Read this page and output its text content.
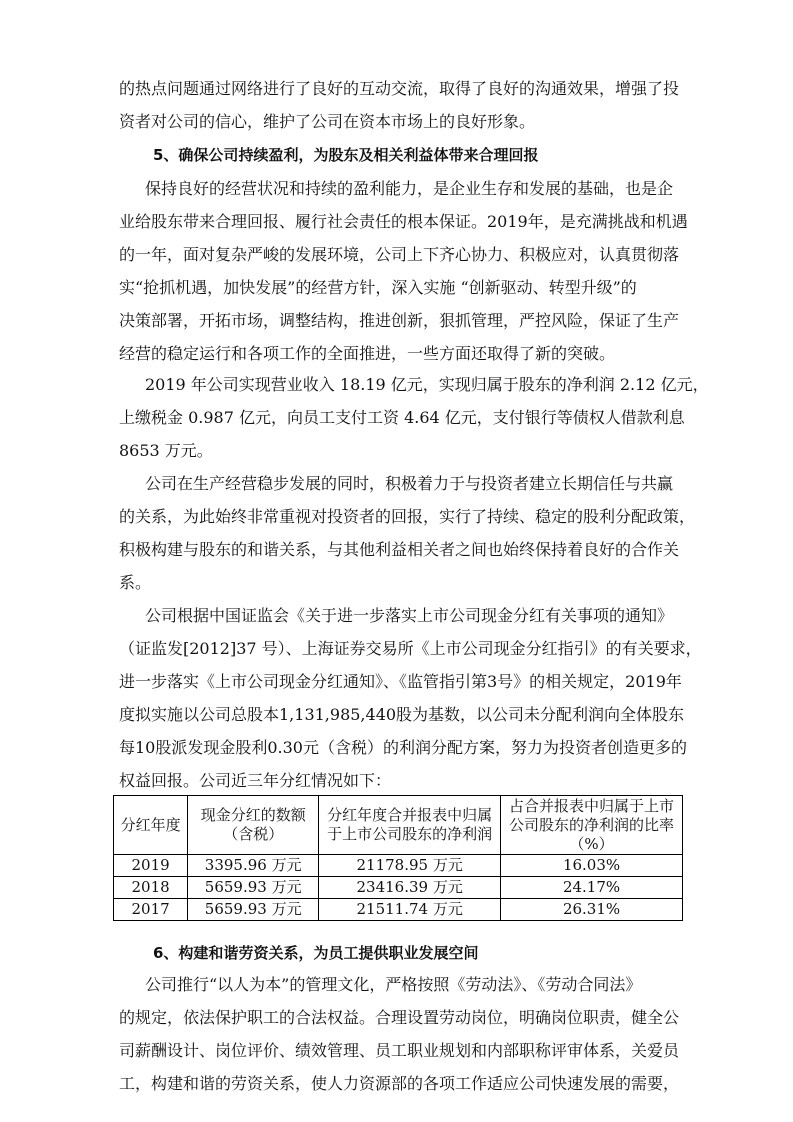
的热点问题通过网络进行了良好的互动交流，取得了良好的沟通效果，增强了投

资者对公司的信心，维护了公司在资本市场上的良好形象。

5、确保公司持续盈利，为股东及相关利益体带来合理回报

保持良好的经营状况和持续的盈利能力，是企业生存和发展的基础，也是企

业给股东带来合理回报、履行社会责任的根本保证。2019年，是充满挑战和机遇

的一年，面对复杂严峻的发展环境，公司上下齐心协力、积极应对，认真贯彻落

实“抢抓机遇，加快发展”的经营方针，深入实施 “创新驱动、转型升级”的

决策部署，开拓市场，调整结构，推进创新，狠抓管理，严控风险，保证了生产

经营的稳定运行和各项工作的全面推进，一些方面还取得了新的突破。

2019 年公司实现营业收入 18.19 亿元，实现归属于股东的净利润 2.12 亿元，

上缴税金 0.987 亿元，向员工支付工资 4.64 亿元，支付银行等债权人借款利息

8653 万元。

公司在生产经营稳步发展的同时，积极着力于与投资者建立长期信任与共赢

的关系，为此始终非常重视对投资者的回报，实行了持续、稳定的股利分配政策，

积极构建与股东的和谐关系，与其他利益相关者之间也始终保持着良好的合作关

系。

公司根据中国证监会《关于进一步落实上市公司现金分红有关事项的通知》

（证监发[2012]37 号）、上海证券交易所《上市公司现金分红指引》的有关要求，

进一步落实《上市公司现金分红通知》、《监管指引第3号》的相关规定，2019年

度拟实施以公司总股本1,131,985,440股为基数，以公司未分配利润向全体股东

每10股派发现金股利0.30元（含税）的利润分配方案，努力为投资者创造更多的

权益回报。公司近三年分红情况如下：

分红年度	现金分红的数额（含税）	分红年度合并报表中归属于上市公司股东的净利润	占合并报表中归属于上市公司股东的净利润的比率（%）
2019	3395.96 万元	21178.95 万元	16.03%
2018	5659.93 万元	23416.39 万元	24.17%
2017	5659.93 万元	21511.74 万元	26.31%
6、构建和谐劳资关系，为员工提供职业发展空间

公司推行“以人为本”的管理文化，严格按照《劳动法》、《劳动合同法》

的规定，依法保护职工的合法权益。合理设置劳动岗位，明确岗位职责，健全公

司薪酬设计、岗位评价、绩效管理、员工职业规划和内部职称评审体系，关爱员

工，构建和谐的劳资关系，使人力资源部的各项工作适应公司快速发展的需要，
